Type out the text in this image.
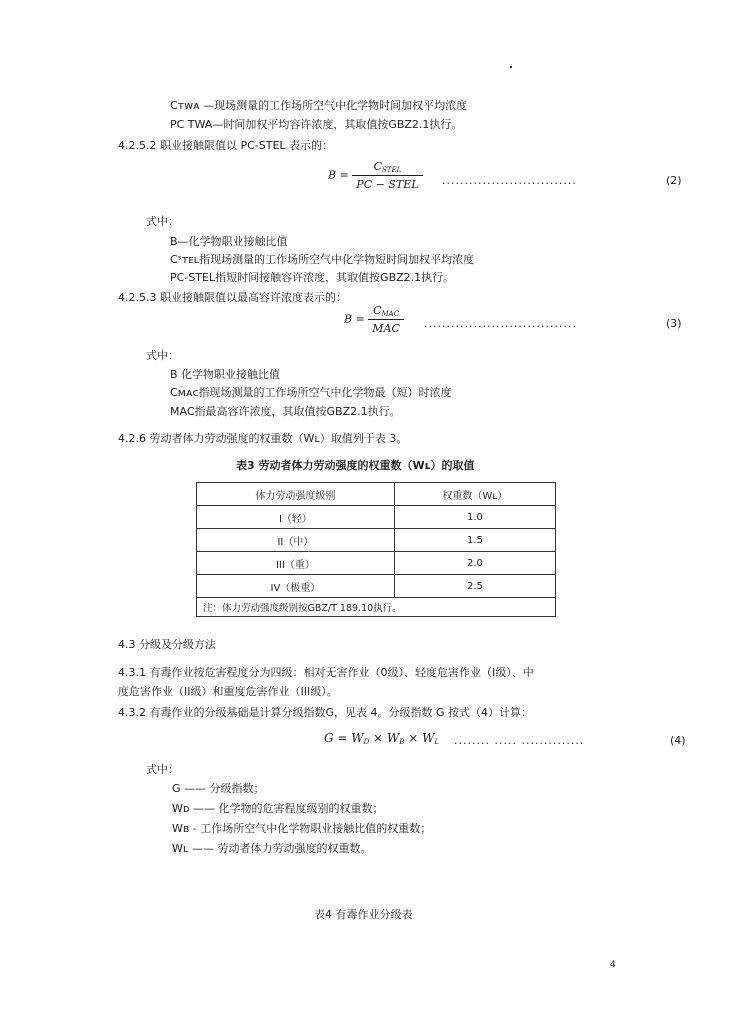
Cᴛᴡᴀ —现场测量的工作场所空气中化学物时间加权平均浓度
PC TWA—时间加权平均容许浓度，其取值按GBZ2.1执行。
4.2.5.2 职业接触限值以 PC-STEL 表示的：
$B = \frac{C_{STEL}}{\text{PC − STEL}}$ ..............................	(2)
式中：
B—化学物职业接触比值
Cˢᴛᴇʟ指现场测量的工作场所空气中化学物短时间加权平均浓度
PC-STEL指短时间接触容许浓度，其取值按GBZ2.1执行。
4.2.5.3 职业接触限值以最高容许浓度表示的：
$B = \frac{C_{MAC}}{\text{MAC}}$ ..................................	(3)
式中：
B 化学物职业接触比值
Cᴍᴀᴄ指现场测量的工作场所空气中化学物最（短）时浓度
MAC指最高容许浓度，其取值按GBZ2.1执行。
4.2.6 劳动者体力劳动强度的权重数（Wʟ）取值列于表 3。
表3 劳动者体力劳动强度的权重数（Wʟ）的取值
体力劳动强度级别	权重数（Wʟ）
I（轻）	1.0
II（中）	1.5
III（重）	2.0
IV（极重）	2.5
注：体力劳动强度级别按GBZ/T 189.10执行。	
4.3 分级及分级方法
4.3.1 有毒作业按危害程度分为四级：相对无害作业（0级）、轻度危害作业（I级）、中
度危害作业（II级）和重度危害作业（III级）。
4.3.2 有毒作业的分级基础是计算分级指数G，见表 4。分级指数 G 按式（4）计算：
$G = W_D \times W_B \times W_L$ ........ ..... ..............	(4)
式中：
G —— 分级指数；
Wᴅ —— 化学物的危害程度级别的权重数；
Wʙ - 工作场所空气中化学物职业接触比值的权重数；
Wʟ —— 劳动者体力劳动强度的权重数。
表4 有毒作业分级表
4
